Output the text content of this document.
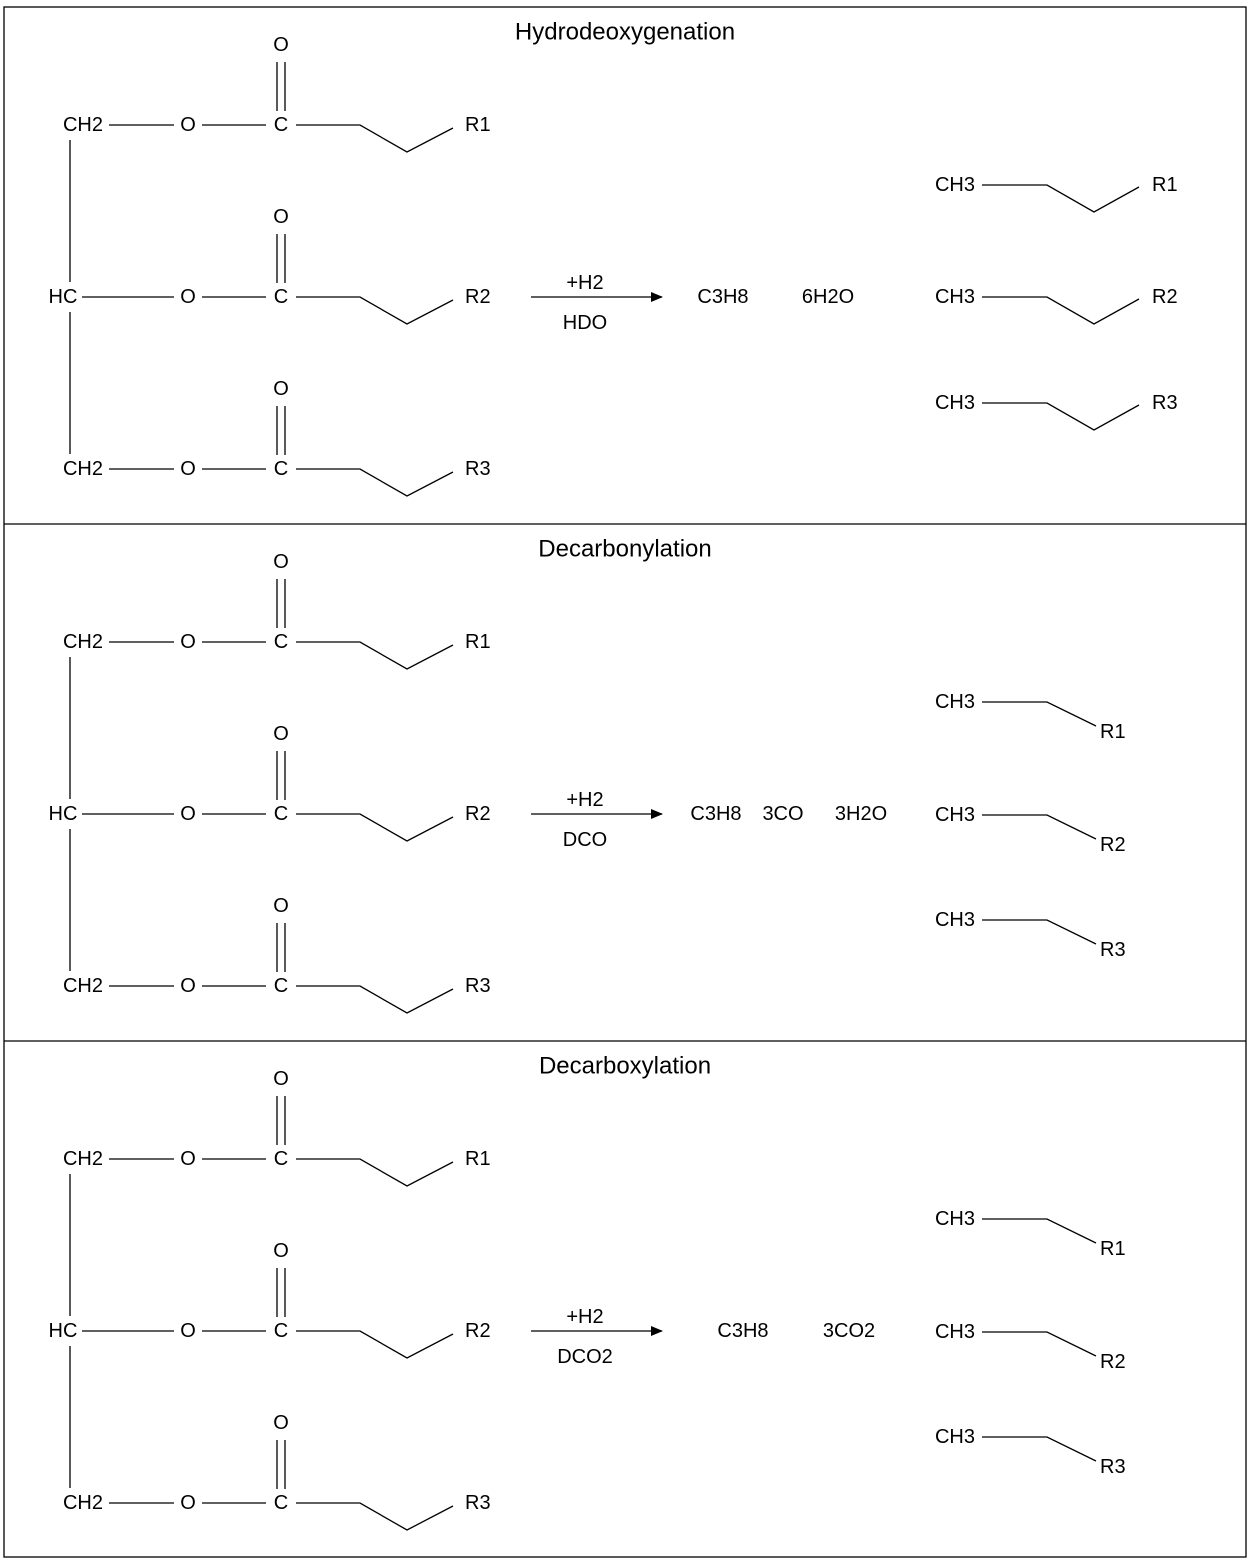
Hydrodeoxygenation
CH2	O	C
O
R1
HC	O	C
O
R2
CH2	O	C
O
R3
+H2
HDO
C3H8	6H2O
CH3	R1
CH3	R2
CH3	R3
Decarbonylation
CH2	O	C
O
R1
HC	O	C
O
R2
CH2	O	C
O
R3
+H2
DCO
C3H8 3CO 3H2O
CH3
R1
CH3
R2
CH3
R3
Decarboxylation
CH2	O	C
O
R1
HC	O	C
O
R2
CH2	O	C
O
R3
+H2
DCO2
C3H8	3CO2
CH3
R1
CH3
R2
CH3
R3
